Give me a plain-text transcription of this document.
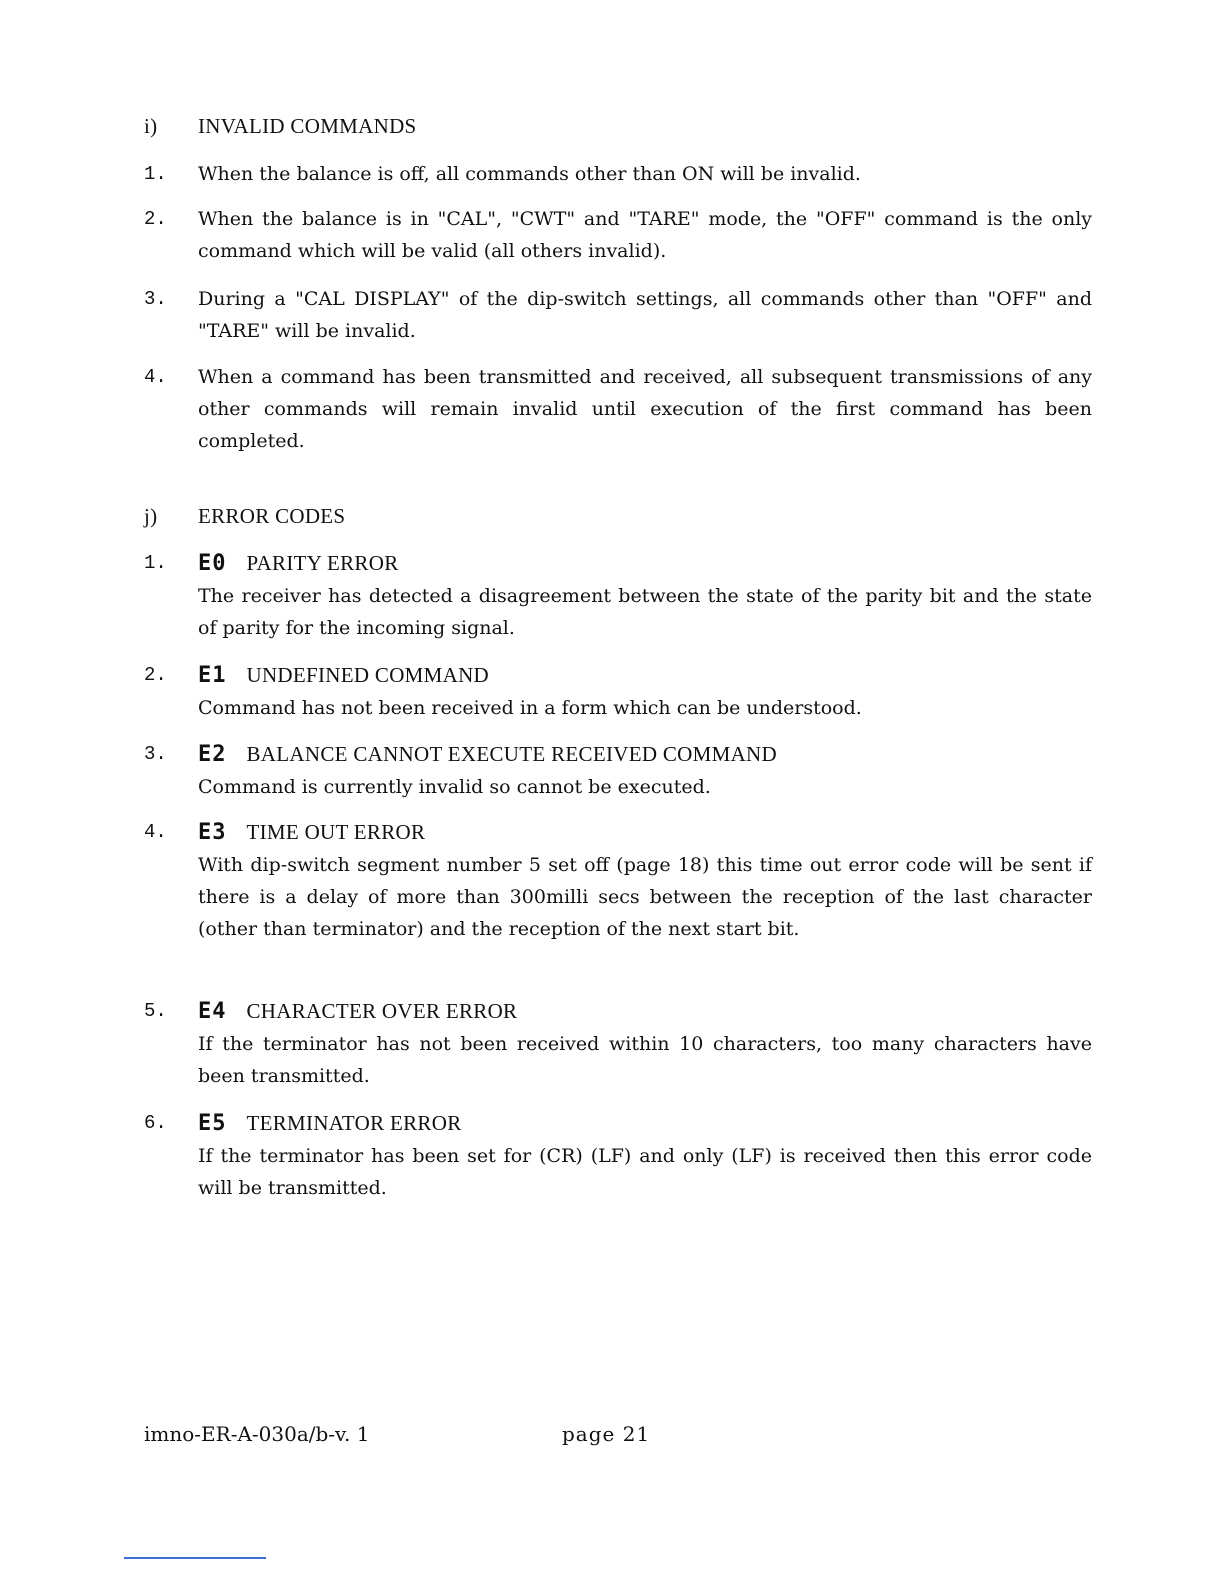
i) INVALID COMMANDS
1.	When the balance is off, all commands other than ON will be invalid.
2.	When the balance is in "CAL", "CWT" and "TARE" mode, the "OFF" command is the only command which will be valid (all others invalid).
3.	During a "CAL DISPLAY" of the dip-switch settings, all commands other than "OFF" and "TARE" will be invalid.
4.	When a command has been transmitted and received, all subsequent transmissions of any other commands will remain invalid until execution of the first command has been completed.
j) ERROR CODES
1.	E0 PARITY ERROR
The receiver has detected a disagreement between the state of the parity bit and the state of parity for the incoming signal.
2.	E1 UNDEFINED COMMAND
Command has not been received in a form which can be understood.
3.	E2 BALANCE CANNOT EXECUTE RECEIVED COMMAND
Command is currently invalid so cannot be executed.
4.	E3 TIME OUT ERROR
With dip-switch segment number 5 set off (page 18) this time out error code will be sent if there is a delay of more than 300milli secs between the reception of the last character (other than terminator) and the reception of the next start bit.
5.	E4 CHARACTER OVER ERROR
If the terminator has not been received within 10 characters, too many characters have been transmitted.
6.	E5 TERMINATOR ERROR
If the terminator has been set for (CR) (LF) and only (LF) is received then this error code will be transmitted.
imno-ER-A-030a/b-v. 1	page 21
